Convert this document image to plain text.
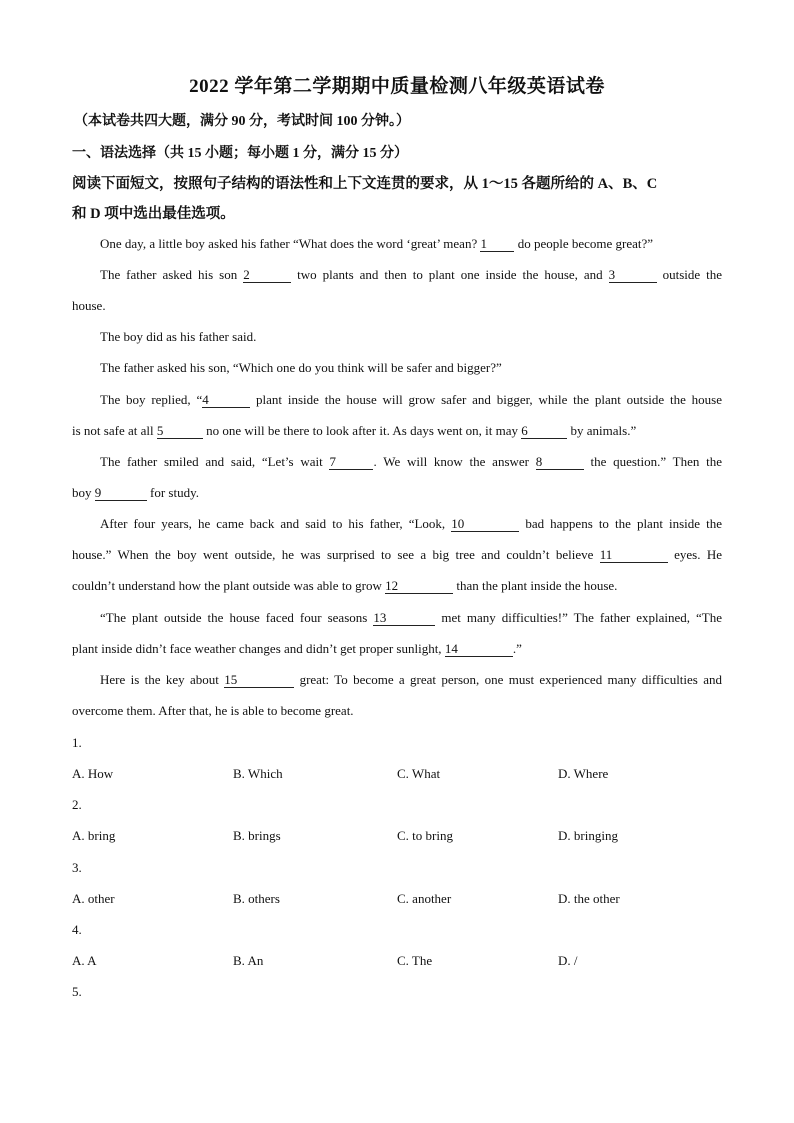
2022 学年第二学期期中质量检测八年级英语试卷
（本试卷共四大题，满分 90 分，考试时间 100 分钟。）
一、语法选择（共 15 小题；每小题 1 分，满分 15 分）
阅读下面短文，按照句子结构的语法性和上下文连贯的要求，从 1～15 各题所给的 A、B、C
和 D 项中选出最佳选项。
One day, a little boy asked his father “What does the word ‘great’ mean? 1 do people become great?”
The father asked his son 2	two plants and then to plant one inside the house, and 3	outside the
house.
The boy did as his father said.
The father asked his son, “Which one do you think will be safer and bigger?”
The boy replied, “4	plant inside the house will grow safer and bigger, while the plant outside the house
is not safe at all 5	no one will be there to look after it. As days went on, it may 6	by animals.”
The father smiled and said, “Let’s wait 7	. We will know the answer 8	the question.” Then the
boy 9	for study.
After four years, he came back and said to his father, “Look, 10	bad happens to the plant inside the
house.” When the boy went outside, he was surprised to see a big tree and couldn’t believe 11	eyes. He
couldn’t understand how the plant outside was able to grow 12	than the plant inside the house.
“The plant outside the house faced four seasons 13	met many difficulties!” The father explained, “The
plant inside didn’t face weather changes and didn’t get proper sunlight, 14	.”
Here is the key about 15	great: To become a great person, one must experienced many difficulties and
overcome them. After that, he is able to become great.
1.
A. How	B. Which	C. What	D. Where
2.
A. bring	B. brings	C. to bring	D. bringing
3.
A. other	B. others	C. another	D. the other
4.
A. A	B. An	C. The	D. /
5.
